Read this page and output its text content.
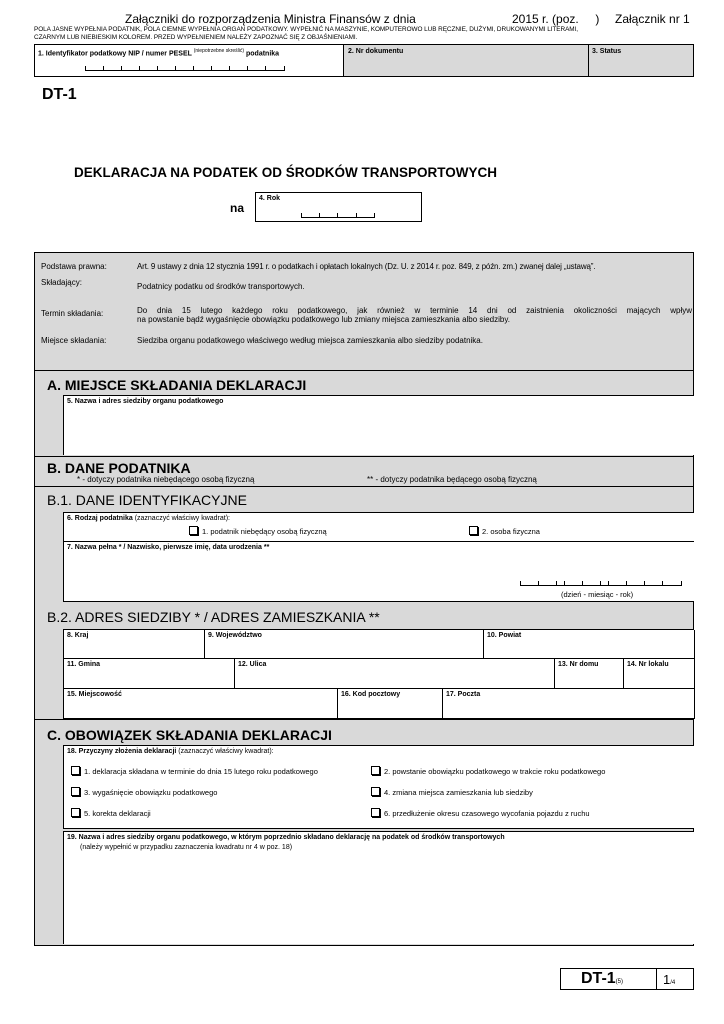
Załączniki do rozporządzenia Ministra Finansów z dnia	2015 r. (poz.     ) Załącznik nr 1
POLA JASNE WYPEŁNIA PODATNIK, POLA CIEMNE WYPEŁNIA ORGAN PODATKOWY. WYPEŁNIĆ NA MASZYNIE, KOMPUTEROWO LUB RĘCZNIE, DUŻYMI, DRUKOWANYMI LITERAMI,
CZARNYM LUB NIEBIESKIM KOLOREM. PRZED WYPEŁNIENIEM NALEŻY ZAPOZNAĆ SIĘ Z OBJAŚNIENIAMI.
1. Identyfikator podatkowy NIP / numer PESEL $^{(niepotrzebne skreślić)}$ podatnika	2. Nr dokumentu	3. Status
DT-1
DEKLARACJA NA PODATEK OD ŚRODKÓW TRANSPORTOWYCH
na
4. Rok
Podstawa prawna:	Art. 9 ustawy z dnia 12 stycznia 1991 r. o podatkach i opłatach lokalnych (Dz. U. z 2014 r. poz. 849, z późn. zm.) zwanej dalej „ustawą”.
Składający:	Podatnicy podatku od środków transportowych.
Termin składania:	Do dnia 15 lutego każdego roku podatkowego, jak również w terminie 14 dni od zaistnienia okoliczności mających wpływ
na powstanie bądź wygaśnięcie obowiązku podatkowego lub zmiany miejsca zamieszkania albo siedziby.
Miejsce składania:	Siedziba organu podatkowego właściwego według miejsca zamieszkania albo siedziby podatnika.
A. MIEJSCE SKŁADANIA DEKLARACJI
5. Nazwa i adres siedziby organu podatkowego
B. DANE PODATNIKA
* - dotyczy podatnika niebędącego osobą fizyczną	** - dotyczy podatnika będącego osobą fizyczną
B.1. DANE IDENTYFIKACYJNE
6. Rodzaj podatnika (zaznaczyć właściwy kwadrat):
1. podatnik niebędący osobą fizyczną	2. osoba fizyczna
7. Nazwa pełna * / Nazwisko, pierwsze imię, data urodzenia **
(dzień - miesiąc - rok)
B.2. ADRES SIEDZIBY * / ADRES ZAMIESZKANIA **
8. Kraj	9. Województwo	10. Powiat
11. Gmina	12. Ulica	13. Nr domu	14. Nr lokalu
15. Miejscowość	16. Kod pocztowy	17. Poczta
C. OBOWIĄZEK SKŁADANIA DEKLARACJI
18. Przyczyny złożenia deklaracji (zaznaczyć właściwy kwadrat):
1. deklaracja składana w terminie do dnia 15 lutego roku podatkowego	2. powstanie obowiązku podatkowego w trakcie roku podatkowego
3. wygaśnięcie obowiązku podatkowego	4. zmiana miejsca zamieszkania lub siedziby
5. korekta deklaracji	6. przedłużenie okresu czasowego wycofania pojazdu z ruchu
19. Nazwa i adres siedziby organu podatkowego, w którym poprzednio składano deklarację na podatek od środków transportowych
(należy wypełnić w przypadku zaznaczenia kwadratu nr 4 w poz. 18)
DT-1(5)	1/4
